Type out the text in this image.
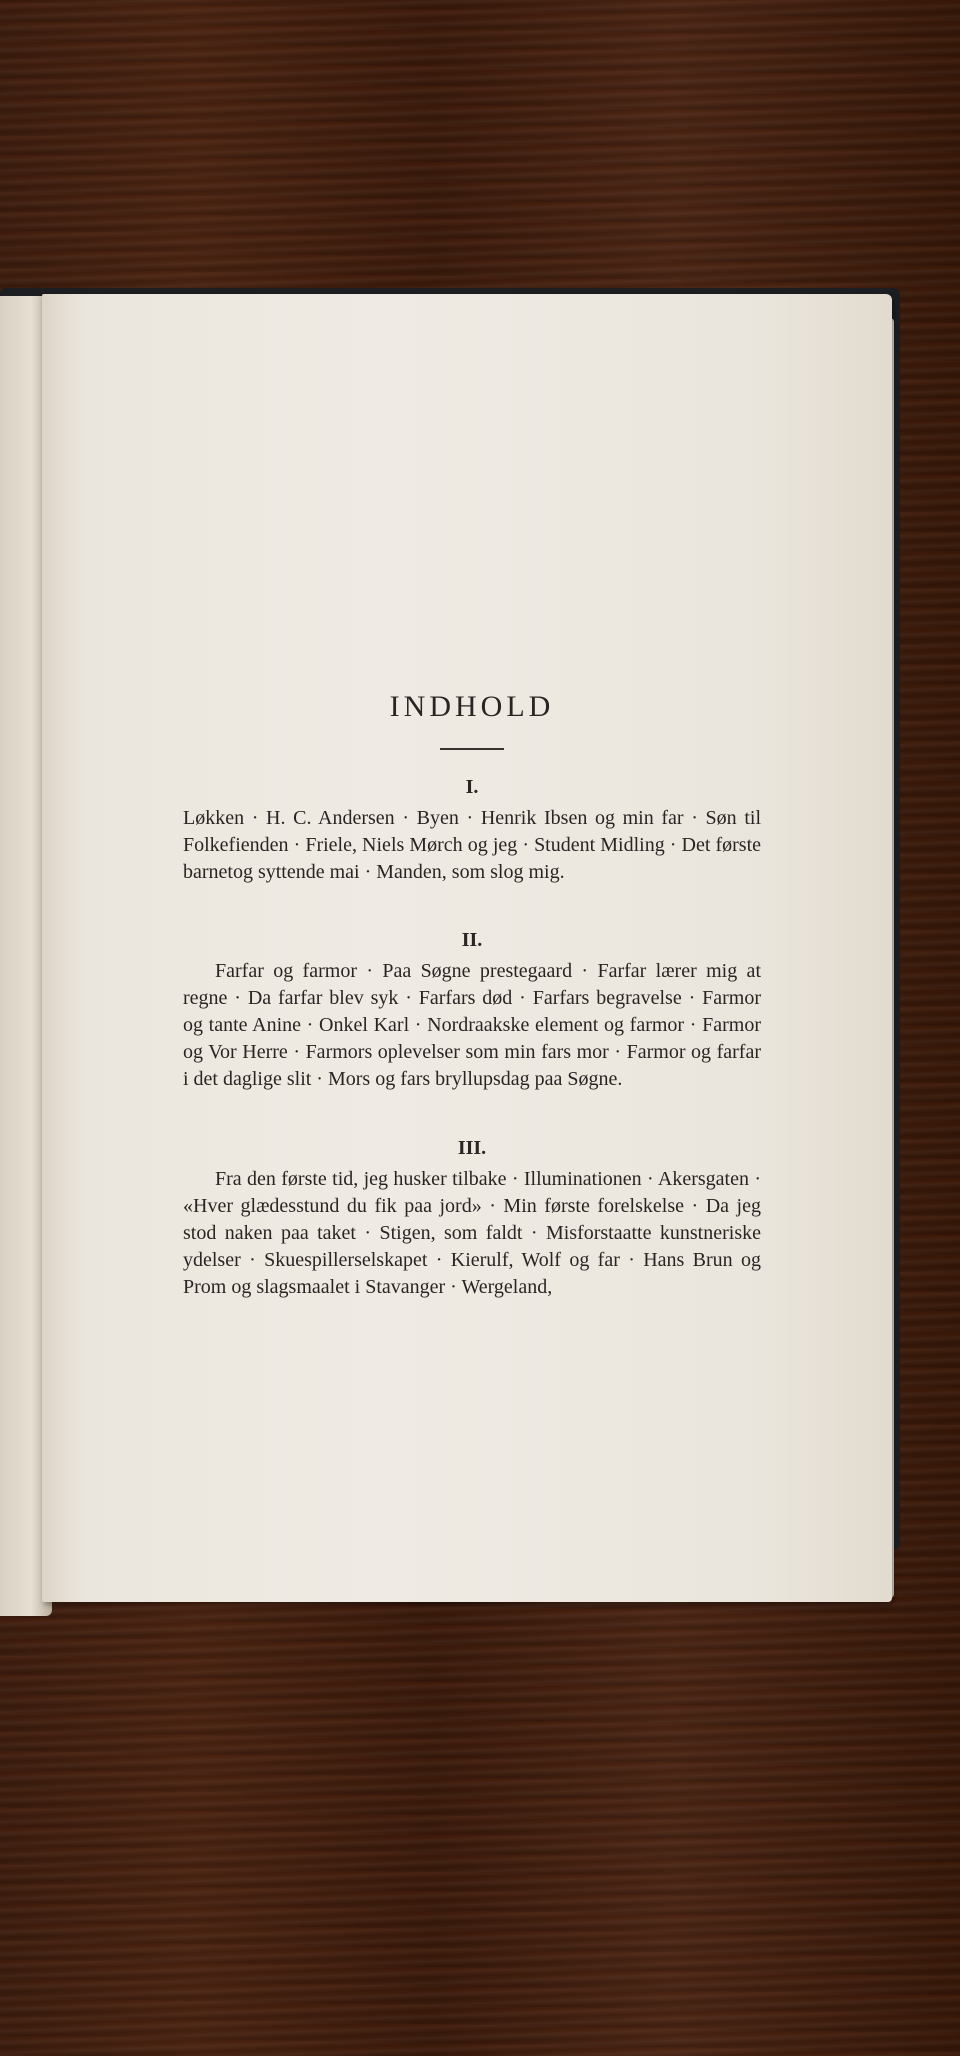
INDHOLD

I.

Løkken · H. C. Andersen · Byen · Henrik Ibsen og min far · Søn til Folkefienden · Friele, Niels Mørch og jeg · Student Midling · Det første barnetog syttende mai · Manden, som slog mig.

II.

Farfar og farmor · Paa Søgne prestegaard · Farfar lærer mig at regne · Da farfar blev syk · Farfars død · Farfars begravelse · Farmor og tante Anine · Onkel Karl · Nordraakske element og farmor · Farmor og Vor Herre · Farmors oplevelser som min fars mor · Farmor og farfar i det daglige slit · Mors og fars bryllupsdag paa Søgne.

III.

Fra den første tid, jeg husker tilbake · Illuminationen · Akersgaten · «Hver glædesstund du fik paa jord» · Min første forelskelse · Da jeg stod naken paa taket · Stigen, som faldt · Misforstaatte kunstneriske ydelser · Skuespillerselskapet · Kierulf, Wolf og far · Hans Brun og Prom og slagsmaalet i Stavanger · Wergeland,
